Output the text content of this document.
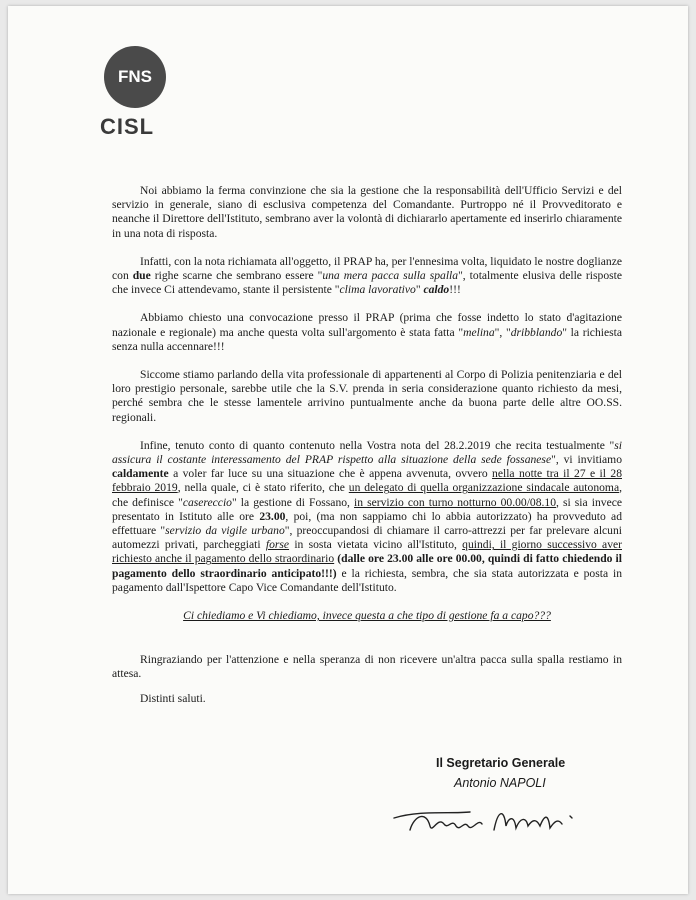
FNS
CISL

Noi abbiamo la ferma convinzione che sia la gestione che la responsabilità dell'Ufficio Servizi e del servizio in generale, siano di esclusiva competenza del Comandante. Purtroppo né il Provveditorato e neanche il Direttore dell'Istituto, sembrano aver la volontà di dichiararlo apertamente ed inserirlo chiaramente in una nota di risposta.

Infatti, con la nota richiamata all'oggetto, il PRAP ha, per l'ennesima volta, liquidato le nostre doglianze con due righe scarne che sembrano essere "una mera pacca sulla spalla", totalmente elusiva delle risposte che invece Ci attendevamo, stante il persistente "clima lavorativo" caldo!!!

Abbiamo chiesto una convocazione presso il PRAP (prima che fosse indetto lo stato d'agitazione nazionale e regionale) ma anche questa volta sull'argomento è stata fatta "melina", "dribblando" la richiesta senza nulla accennare!!!

Siccome stiamo parlando della vita professionale di appartenenti al Corpo di Polizia penitenziaria e del loro prestigio personale, sarebbe utile che la S.V. prenda in seria considerazione quanto richiesto da mesi, perché sembra che le stesse lamentele arrivino puntualmente anche da buona parte delle altre OO.SS. regionali.

Infine, tenuto conto di quanto contenuto nella Vostra nota del 28.2.2019 che recita testualmente "si assicura il costante interessamento del PRAP rispetto alla situazione della sede fossanese", vi invitiamo caldamente a voler far luce su una situazione che è appena avvenuta, ovvero nella notte tra il 27 e il 28 febbraio 2019, nella quale, ci è stato riferito, che un delegato di quella organizzazione sindacale autonoma, che definisce "casereccio" la gestione di Fossano, in servizio con turno notturno 00.00/08.10, si sia invece presentato in Istituto alle ore 23.00, poi, (ma non sappiamo chi lo abbia autorizzato) ha provveduto ad effettuare "servizio da vigile urbano", preoccupandosi di chiamare il carro-attrezzi per far prelevare alcuni automezzi privati, parcheggiati forse in sosta vietata vicino all'Istituto, quindi, il giorno successivo aver richiesto anche il pagamento dello straordinario (dalle ore 23.00 alle ore 00.00, quindi di fatto chiedendo il pagamento dello straordinario anticipato!!!) e la richiesta, sembra, che sia stata autorizzata e posta in pagamento dall'Ispettore Capo Vice Comandante dell'Istituto.

Ci chiediamo e Vi chiediamo, invece questa a che tipo di gestione fa a capo???

Ringraziando per l'attenzione e nella speranza di non ricevere un'altra pacca sulla spalla restiamo in attesa.

Distinti saluti.

Il Segretario Generale
Antonio NAPOLI
